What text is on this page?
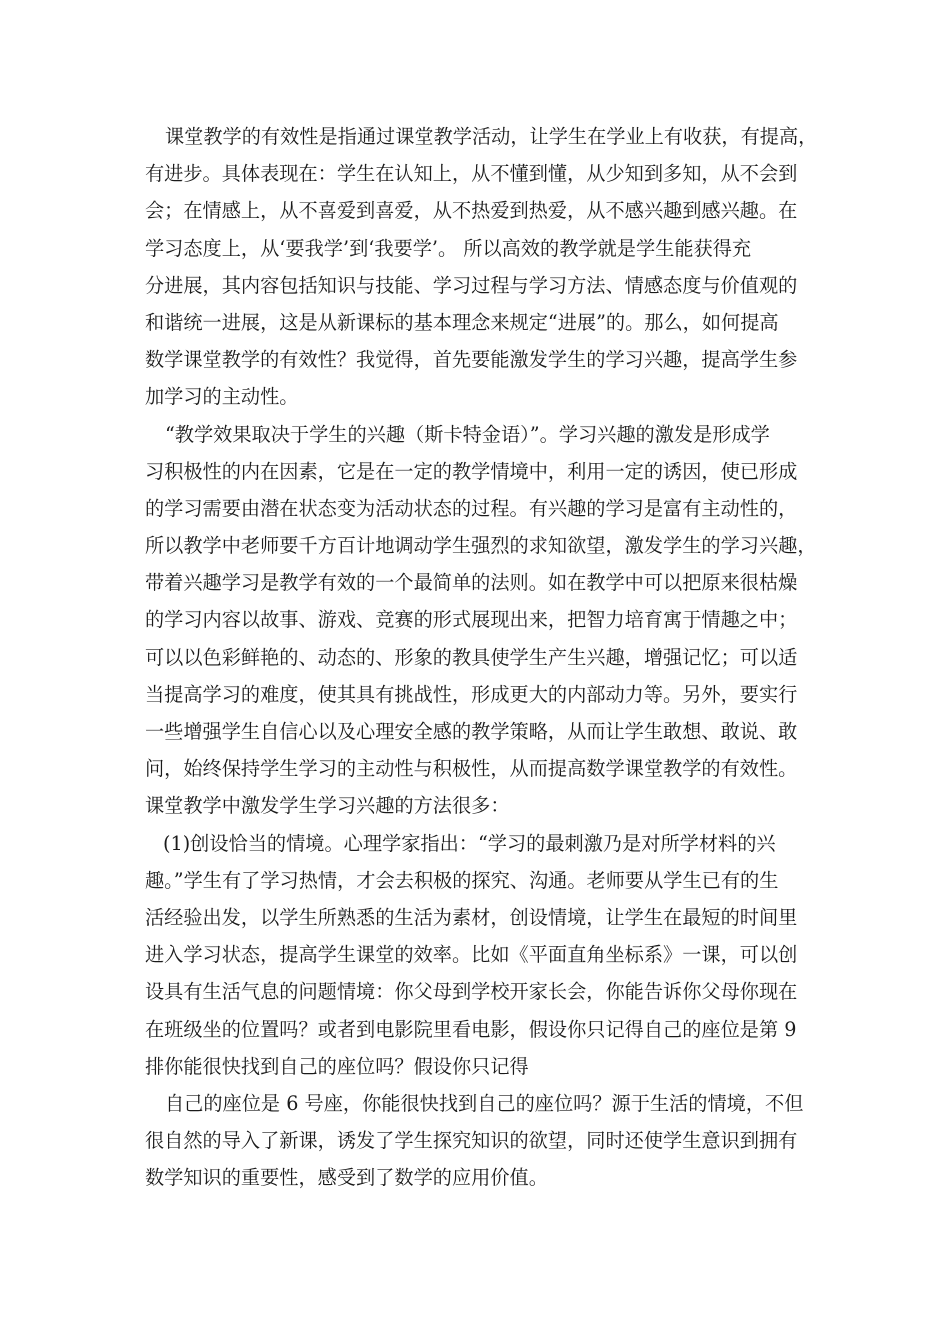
课堂教学的有效性是指通过课堂教学活动，让学生在学业上有收获，有提高，
有进步。具体表现在：学生在认知上，从不懂到懂，从少知到多知，从不会到
会；在情感上，从不喜爱到喜爱，从不热爱到热爱，从不感兴趣到感兴趣。在
学习态度上，从‘要我学’到‘我要学’。 所以高效的教学就是学生能获得充
分进展，其内容包括知识与技能、学习过程与学习方法、情感态度与价值观的
和谐统一进展，这是从新课标的基本理念来规定“进展”的。那么，如何提高
数学课堂教学的有效性？我觉得，首先要能激发学生的学习兴趣，提高学生参
加学习的主动性。
“教学效果取决于学生的兴趣（斯卡特金语）”。学习兴趣的激发是形成学
习积极性的内在因素，它是在一定的教学情境中，利用一定的诱因，使已形成
的学习需要由潜在状态变为活动状态的过程。有兴趣的学习是富有主动性的，
所以教学中老师要千方百计地调动学生强烈的求知欲望，激发学生的学习兴趣，
带着兴趣学习是教学有效的一个最简单的法则。如在教学中可以把原来很枯燥
的学习内容以故事、游戏、竞赛的形式展现出来，把智力培育寓于情趣之中；
可以以色彩鲜艳的、动态的、形象的教具使学生产生兴趣，增强记忆；可以适
当提高学习的难度，使其具有挑战性，形成更大的内部动力等。另外，要实行
一些增强学生自信心以及心理安全感的教学策略，从而让学生敢想、敢说、敢
问，始终保持学生学习的主动性与积极性，从而提高数学课堂教学的有效性。
课堂教学中激发学生学习兴趣的方法很多：
(1)创设恰当的情境。心理学家指出：“学习的最刺激乃是对所学材料的兴
趣。”学生有了学习热情，才会去积极的探究、沟通。老师要从学生已有的生
活经验出发，以学生所熟悉的生活为素材，创设情境，让学生在最短的时间里
进入学习状态，提高学生课堂的效率。比如《平面直角坐标系》一课，可以创
设具有生活气息的问题情境：你父母到学校开家长会，你能告诉你父母你现在
在班级坐的位置吗？或者到电影院里看电影，假设你只记得自己的座位是第 9
排你能很快找到自己的座位吗？假设你只记得
自己的座位是 6 号座，你能很快找到自己的座位吗？源于生活的情境，不但
很自然的导入了新课，诱发了学生探究知识的欲望，同时还使学生意识到拥有
数学知识的重要性，感受到了数学的应用价值。
